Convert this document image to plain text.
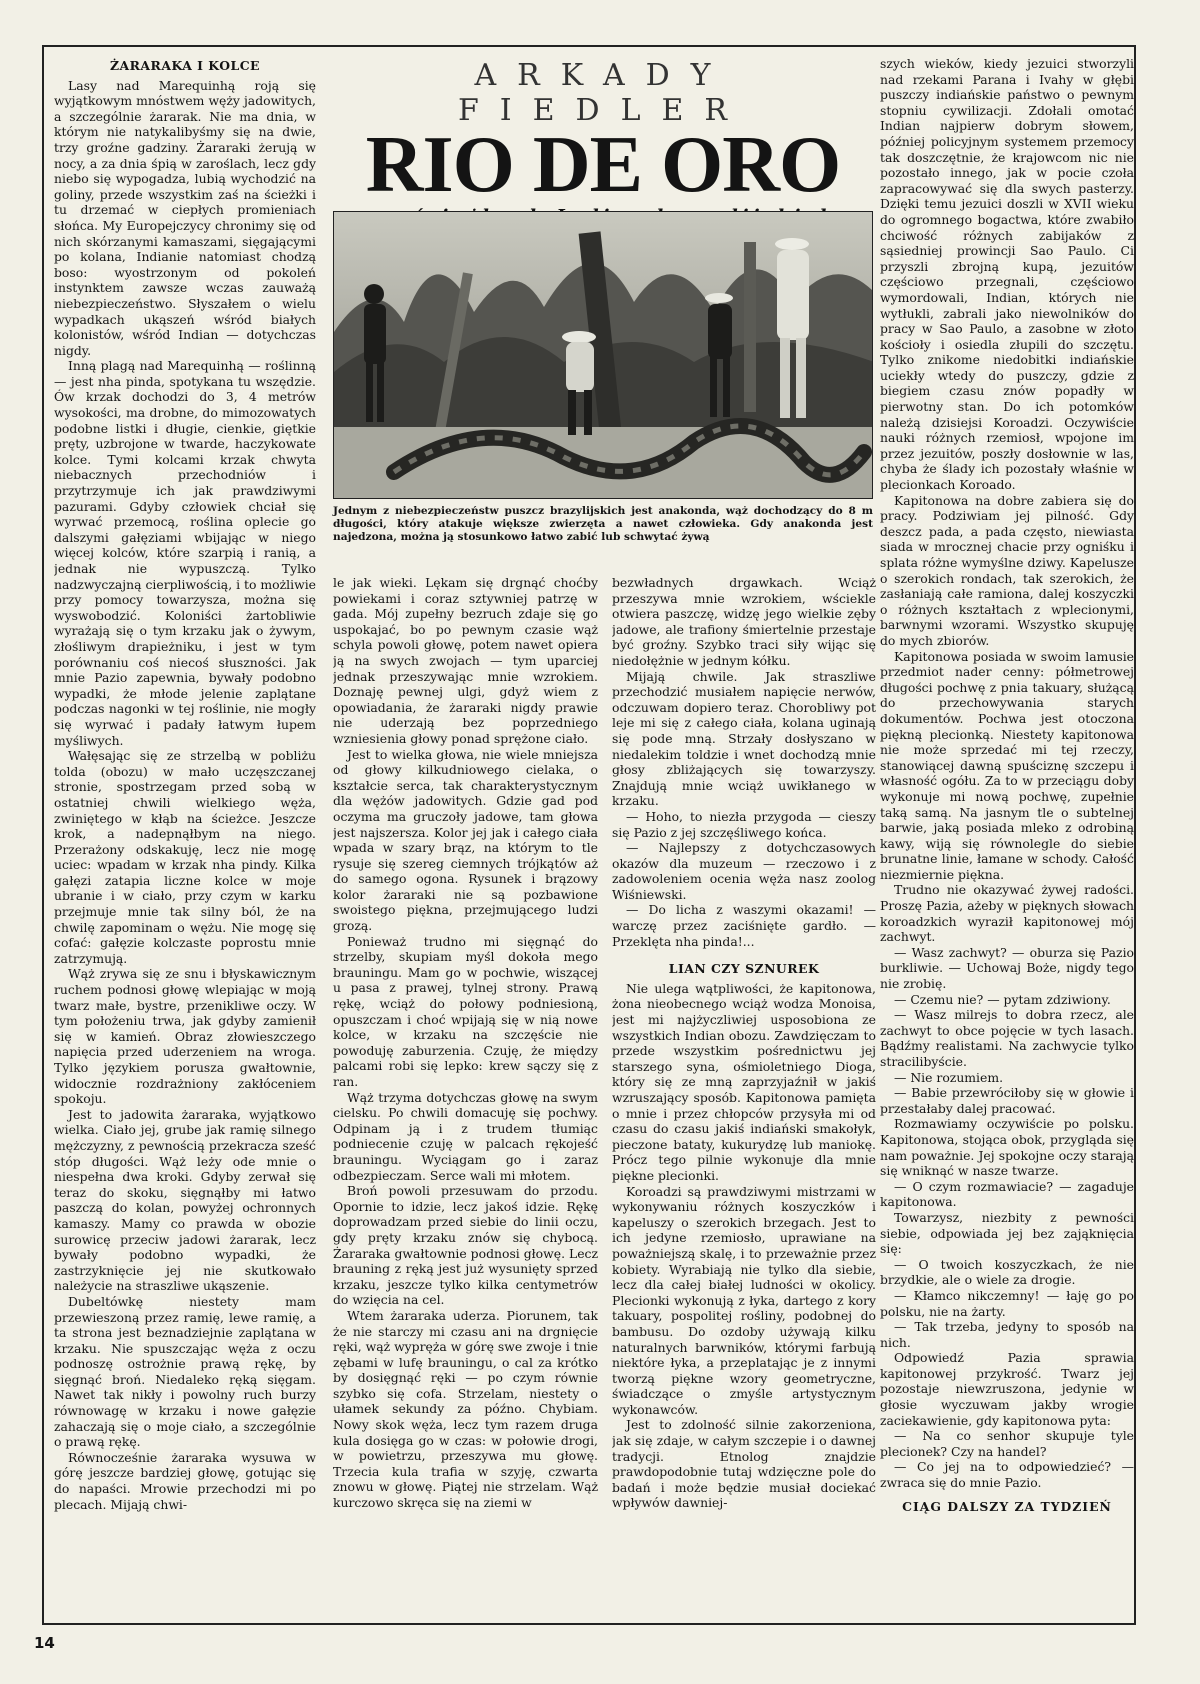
ŻARARAKA I KOLCE

Lasy nad Marequinhą roją się wyjątkowym mnóstwem węży jadowitych, a szczególnie żararak. Nie ma dnia, w którym nie natykalibyśmy się na dwie, trzy groźne gadziny. Żararaki żerują w nocy, a za dnia śpią w zaroślach, lecz gdy niebo się wypogadza, lubią wychodzić na goliny, przede wszystkim zaś na ścieżki i tu drzemać w ciepłych promieniach słońca. My Europejczycy chronimy się od nich skórzanymi kamaszami, sięgającymi po kolana, Indianie natomiast chodzą boso: wyostrzonym od pokoleń instynktem zawsze wczas zauważą niebezpieczeństwo. Słyszałem o wielu wypadkach ukąszeń wśród białych kolonistów, wśród Indian — dotychczas nigdy.

Inną plagą nad Marequinhą — roślinną — jest nha pinda, spotykana tu wszędzie. Ów krzak dochodzi do 3, 4 metrów wysokości, ma drobne, do mimozowatych podobne listki i długie, cienkie, giętkie pręty, uzbrojone w twarde, haczykowate kolce. Tymi kolcami krzak chwyta niebacznych przechodniów i przytrzymuje ich jak prawdziwymi pazurami. Gdyby człowiek chciał się wyrwać przemocą, roślina oplecie go dalszymi gałęziami wbijając w niego więcej kolców, które szarpią i ranią, a jednak nie wypuszczą. Tylko nadzwyczajną cierpliwością, i to możliwie przy pomocy towarzysza, można się wyswobodzić. Koloniści żartobliwie wyrażają się o tym krzaku jak o żywym, złośliwym drapieżniku, i jest w tym porównaniu coś niecoś słuszności. Jak mnie Pazio zapewnia, bywały podobno wypadki, że młode jelenie zaplątane podczas nagonki w tej roślinie, nie mogły się wyrwać i padały łatwym łupem myśliwych.

Wałęsając się ze strzelbą w pobliżu tolda (obozu) w mało uczęszczanej stronie, spostrzegam przed sobą w ostatniej chwili wielkiego węża, zwiniętego w kłąb na ścieżce. Jeszcze krok, a nadepnąłbym na niego. Przerażony odskakuję, lecz nie mogę uciec: wpadam w krzak nha pindy. Kilka gałęzi zatapia liczne kolce w moje ubranie i w ciało, przy czym w karku przejmuje mnie tak silny ból, że na chwilę zapominam o wężu. Nie mogę się cofać: gałęzie kolczaste poprostu mnie zatrzymują.

Wąż zrywa się ze snu i błyskawicznym ruchem podnosi głowę wlepiając w moją twarz małe, bystre, przenikliwe oczy. W tym położeniu trwa, jak gdyby zamienił się w kamień. Obraz złowieszczego napięcia przed uderzeniem na wroga. Tylko językiem porusza gwałtownie, widocznie rozdrażniony zakłóceniem spokoju.

Jest to jadowita żararaka, wyjątkowo wielka. Ciało jej, grube jak ramię silnego mężczyzny, z pewnością przekracza sześć stóp długości. Wąż leży ode mnie o niespełna dwa kroki. Gdyby zerwał się teraz do skoku, sięgnąłby mi łatwo paszczą do kolan, powyżej ochronnych kamaszy. Mamy co prawda w obozie surowicę przeciw jadowi żararak, lecz bywały podobno wypadki, że zastrzyknięcie jej nie skutkowało należycie na straszliwe ukąszenie.

Dubeltówkę niestety mam przewieszoną przez ramię, lewe ramię, a ta strona jest beznadziejnie zaplątana w krzaku. Nie spuszczając węża z oczu podnoszę ostrożnie prawą rękę, by sięgnąć broń. Niedaleko ręką sięgam. Nawet tak nikły i powolny ruch burzy równowagę w krzaku i nowe gałęzie zahaczają się o moje ciało, a szczególnie o prawą rękę.

Równocześnie żararaka wysuwa w górę jeszcze bardziej głowę, gotując się do napaści. Mrowie przechodzi mi po plecach. Mijają chwi-

ARKADY FIEDLER
RIO DE ORO
Jednym z niebezpieczeństw puszcz brazylijskich jest anakonda, wąż dochodzący do 8 m długości, który atakuje większe zwierzęta a nawet człowieka. Gdy anakonda jest najedzona, można ją stosunkowo łatwo zabić lub schwytać żywą

le jak wieki. Lękam się drgnąć choćby powiekami i coraz sztywniej patrzę w gada. Mój zupełny bezruch zdaje się go uspokajać, bo po pewnym czasie wąż schyla powoli głowę, potem nawet opiera ją na swych zwojach — tym uparciej jednak przeszywając mnie wzrokiem. Doznaję pewnej ulgi, gdyż wiem z opowiadania, że żararaki nigdy prawie nie uderzają bez poprzedniego wzniesienia głowy ponad sprężone ciało.

Jest to wielka głowa, nie wiele mniejsza od głowy kilkudniowego cielaka, o kształcie serca, tak charakterystycznym dla wężów jadowitych. Gdzie gad pod oczyma ma gruczoły jadowe, tam głowa jest najszersza. Kolor jej jak i całego ciała wpada w szary brąz, na którym to tle rysuje się szereg ciemnych trójkątów aż do samego ogona. Rysunek i brązowy kolor żararaki nie są pozbawione swoistego piękna, przejmującego ludzi grozą.

Ponieważ trudno mi sięgnąć do strzelby, skupiam myśl dokoła mego brauningu. Mam go w pochwie, wiszącej u pasa z prawej, tylnej strony. Prawą rękę, wciąż do połowy podniesioną, opuszczam i choć wpijają się w nią nowe kolce, w krzaku na szczęście nie powoduję zaburzenia. Czuję, że między palcami robi się lepko: krew sączy się z ran.

Wąż trzyma dotychczas głowę na swym cielsku. Po chwili domacuję się pochwy. Odpinam ją i z trudem tłumiąc podniecenie czuję w palcach rękojeść brauningu. Wyciągam go i zaraz odbezpieczam. Serce wali mi młotem.

Broń powoli przesuwam do przodu. Opornie to idzie, lecz jakoś idzie. Rękę doprowadzam przed siebie do linii oczu, gdy pręty krzaku znów się chybocą. Żararaka gwałtownie podnosi głowę. Lecz brauning z ręką jest już wysunięty sprzed krzaku, jeszcze tylko kilka centymetrów do wzięcia na cel.

Wtem żararaka uderza. Piorunem, tak że nie starczy mi czasu ani na drgnięcie ręki, wąż wypręża w górę swe zwoje i tnie zębami w lufę brauningu, o cal za krótko by dosięgnąć ręki — po czym równie szybko się cofa. Strzelam, niestety o ułamek sekundy za późno. Chybiam. Nowy skok węża, lecz tym razem druga kula dosięga go w czas: w połowie drogi, w powietrzu, przeszywa mu głowę. Trzecia kula trafia w szyję, czwarta znowu w głowę. Piątej nie strzelam. Wąż kurczowo skręca się na ziemi w

bezwładnych drgawkach. Wciąż przeszywa mnie wzrokiem, wściekle otwiera paszczę, widzę jego wielkie zęby jadowe, ale trafiony śmiertelnie przestaje być groźny. Szybko traci siły wijąc się niedołężnie w jednym kółku.

Mijają chwile. Jak straszliwe przechodzić musiałem napięcie nerwów, odczuwam dopiero teraz. Chorobliwy pot leje mi się z całego ciała, kolana uginają się pode mną. Strzały dosłyszano w niedalekim toldzie i wnet dochodzą mnie głosy zbliżających się towarzyszy. Znajdują mnie wciąż uwikłanego w krzaku.

— Hoho, to niezła przygoda — cieszy się Pazio z jej szczęśliwego końca.

— Najlepszy z dotychczasowych okazów dla muzeum — rzeczowo i z zadowoleniem ocenia węża nasz zoolog Wiśniewski.

— Do licha z waszymi okazami! — warczę przez zaciśnięte gardło. — Przeklęta nha pinda!...

LIAN CZY SZNUREK

Nie ulega wątpliwości, że kapitonowa, żona nieobecnego wciąż wodza Monoisa, jest mi najżyczliwiej usposobiona ze wszystkich Indian obozu. Zawdzięczam to przede wszystkim pośrednictwu jej starszego syna, ośmioletniego Dioga, który się ze mną zaprzyjaźnił w jakiś wzruszający sposób. Kapitonowa pamięta o mnie i przez chłopców przysyła mi od czasu do czasu jakiś indiański smakołyk, pieczone bataty, kukurydzę lub maniokę. Prócz tego pilnie wykonuje dla mnie piękne plecionki.

Koroadzi są prawdziwymi mistrzami w wykonywaniu różnych koszyczków i kapeluszy o szerokich brzegach. Jest to ich jedyne rzemiosło, uprawiane na poważniejszą skalę, i to przeważnie przez kobiety. Wyrabiają nie tylko dla siebie, lecz dla całej białej ludności w okolicy. Plecionki wykonują z łyka, dartego z kory takuary, pospolitej rośliny, podobnej do bambusu. Do ozdoby używają kilku naturalnych barwników, którymi farbują niektóre łyka, a przeplatając je z innymi tworzą piękne wzory geometryczne, świadczące o zmyśle artystycznym wykonawców.

Jest to zdolność silnie zakorzeniona, jak się zdaje, w całym szczepie i o dawnej tradycji. Etnolog znajdzie prawdopodobnie tutaj wdzięczne pole do badań i może będzie musiał dociekać wpływów dawniej-

szych wieków, kiedy jezuici stworzyli nad rzekami Parana i Ivahy w głębi puszczy indiańskie państwo o pewnym stopniu cywilizacji. Zdołali omotać Indian najpierw dobrym słowem, później policyjnym systemem przemocy tak doszczętnie, że krajowcom nic nie pozostało innego, jak w pocie czoła zapracowywać się dla swych pasterzy. Dzięki temu jezuici doszli w XVII wieku do ogromnego bogactwa, które zwabiło chciwość różnych zabijaków z sąsiedniej prowincji Sao Paulo. Ci przyszli zbrojną kupą, jezuitów częściowo przegnali, częściowo wymordowali, Indian, których nie wytłukli, zabrali jako niewolników do pracy w Sao Paulo, a zasobne w złoto kościoły i osiedla złupili do szczętu. Tylko znikome niedobitki indiańskie uciekły wtedy do puszczy, gdzie z biegiem czasu znów popadły w pierwotny stan. Do ich potomków należą dzisiejsi Koroadzi. Oczywiście nauki różnych rzemiosł, wpojone im przez jezuitów, poszły dosłownie w las, chyba że ślady ich pozostały właśnie w plecionkach Koroado.

Kapitonowa na dobre zabiera się do pracy. Podziwiam jej pilność. Gdy deszcz pada, a pada często, niewiasta siada w mrocznej chacie przy ogniśku i splata różne wymyślne dziwy. Kapelusze o szerokich rondach, tak szerokich, że zasłaniają całe ramiona, dalej koszyczki o różnych kształtach z wplecionymi, barwnymi wzorami. Wszystko skupuję do mych zbiorów.

Kapitonowa posiada w swoim lamusie przedmiot nader cenny: półmetrowej długości pochwę z pnia takuary, służącą do przechowywania starych dokumentów. Pochwa jest otoczona piękną plecionką. Niestety kapitonowa nie może sprzedać mi tej rzeczy, stanowiącej dawną spuściznę szczepu i własność ogółu. Za to w przeciągu doby wykonuje mi nową pochwę, zupełnie taką samą. Na jasnym tle o subtelnej barwie, jaką posiada mleko z odrobiną kawy, wiją się równolegle do siebie brunatne linie, łamane w schody. Całość niezmiernie piękna.

Trudno nie okazywać żywej radości. Proszę Pazia, ażeby w pięknych słowach koroadzkich wyraził kapitonowej mój zachwyt.

— Wasz zachwyt? — oburza się Pazio burkliwie. — Uchowaj Boże, nigdy tego nie zrobię.

— Czemu nie? — pytam zdziwiony.

— Wasz milrejs to dobra rzecz, ale zachwyt to obce pojęcie w tych lasach. Bądźmy realistami. Na zachwycie tylko stracilibyście.

— Nie rozumiem.

— Babie przewróciłoby się w głowie i przestałaby dalej pracować.

Rozmawiamy oczywiście po polsku. Kapitonowa, stojąca obok, przygląda się nam poważnie. Jej spokojne oczy starają się wniknąć w nasze twarze.

— O czym rozmawiacie? — zagaduje kapitonowa.

Towarzysz, niezbity z pewności siebie, odpowiada jej bez zająknięcia się:

— O twoich koszyczkach, że nie brzydkie, ale o wiele za drogie.

— Kłamco nikczemny! — łaję go po polsku, nie na żarty.

— Tak trzeba, jedyny to sposób na nich.

Odpowiedź Pazia sprawia kapitonowej przykrość. Twarz jej pozostaje niewzruszona, jedynie w głosie wyczuwam jakby wrogie zaciekawienie, gdy kapitonowa pyta:

— Na co senhor skupuje tyle plecionek? Czy na handel?

— Co jej na to odpowiedzieć? — zwraca się do mnie Pazio.

CIĄG DALSZY ZA TYDZIEŃ
14
